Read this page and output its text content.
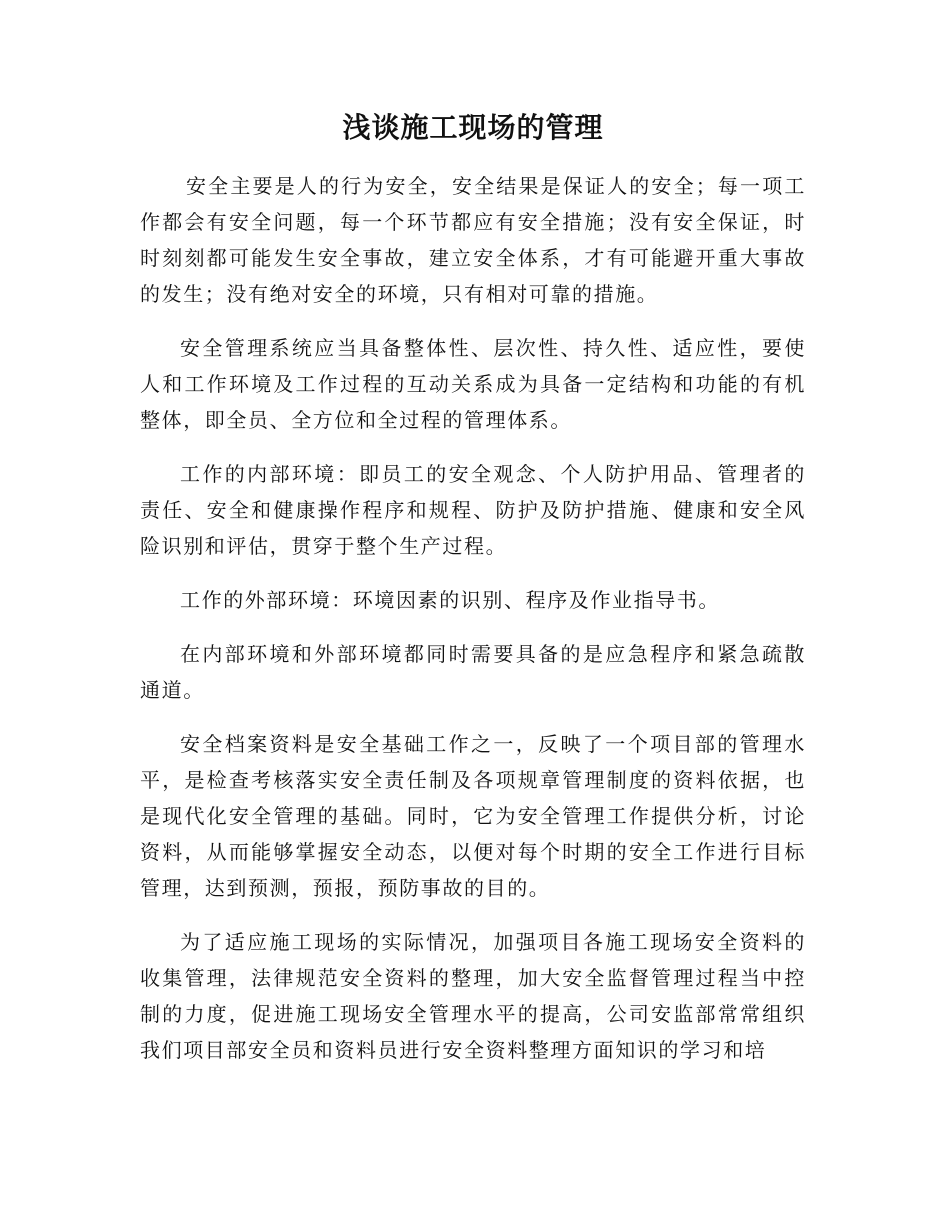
浅谈施工现场的管理

安全主要是人的行为安全，安全结果是保证人的安全；每一项工作都会有安全问题，每一个环节都应有安全措施；没有安全保证，时时刻刻都可能发生安全事故，建立安全体系，才有可能避开重大事故的发生；没有绝对安全的环境，只有相对可靠的措施。

安全管理系统应当具备整体性、层次性、持久性、适应性，要使人和工作环境及工作过程的互动关系成为具备一定结构和功能的有机整体，即全员、全方位和全过程的管理体系。

工作的内部环境：即员工的安全观念、个人防护用品、管理者的责任、安全和健康操作程序和规程、防护及防护措施、健康和安全风险识别和评估，贯穿于整个生产过程。

工作的外部环境：环境因素的识别、程序及作业指导书。

在内部环境和外部环境都同时需要具备的是应急程序和紧急疏散通道。

安全档案资料是安全基础工作之一，反映了一个项目部的管理水平，是检查考核落实安全责任制及各项规章管理制度的资料依据，也是现代化安全管理的基础。同时，它为安全管理工作提供分析，讨论资料，从而能够掌握安全动态，以便对每个时期的安全工作进行目标管理，达到预测，预报，预防事故的目的。

为了适应施工现场的实际情况，加强项目各施工现场安全资料的收集管理，法律规范安全资料的整理，加大安全监督管理过程当中控制的力度，促进施工现场安全管理水平的提高，公司安监部常常组织我们项目部安全员和资料员进行安全资料整理方面知识的学习和培
